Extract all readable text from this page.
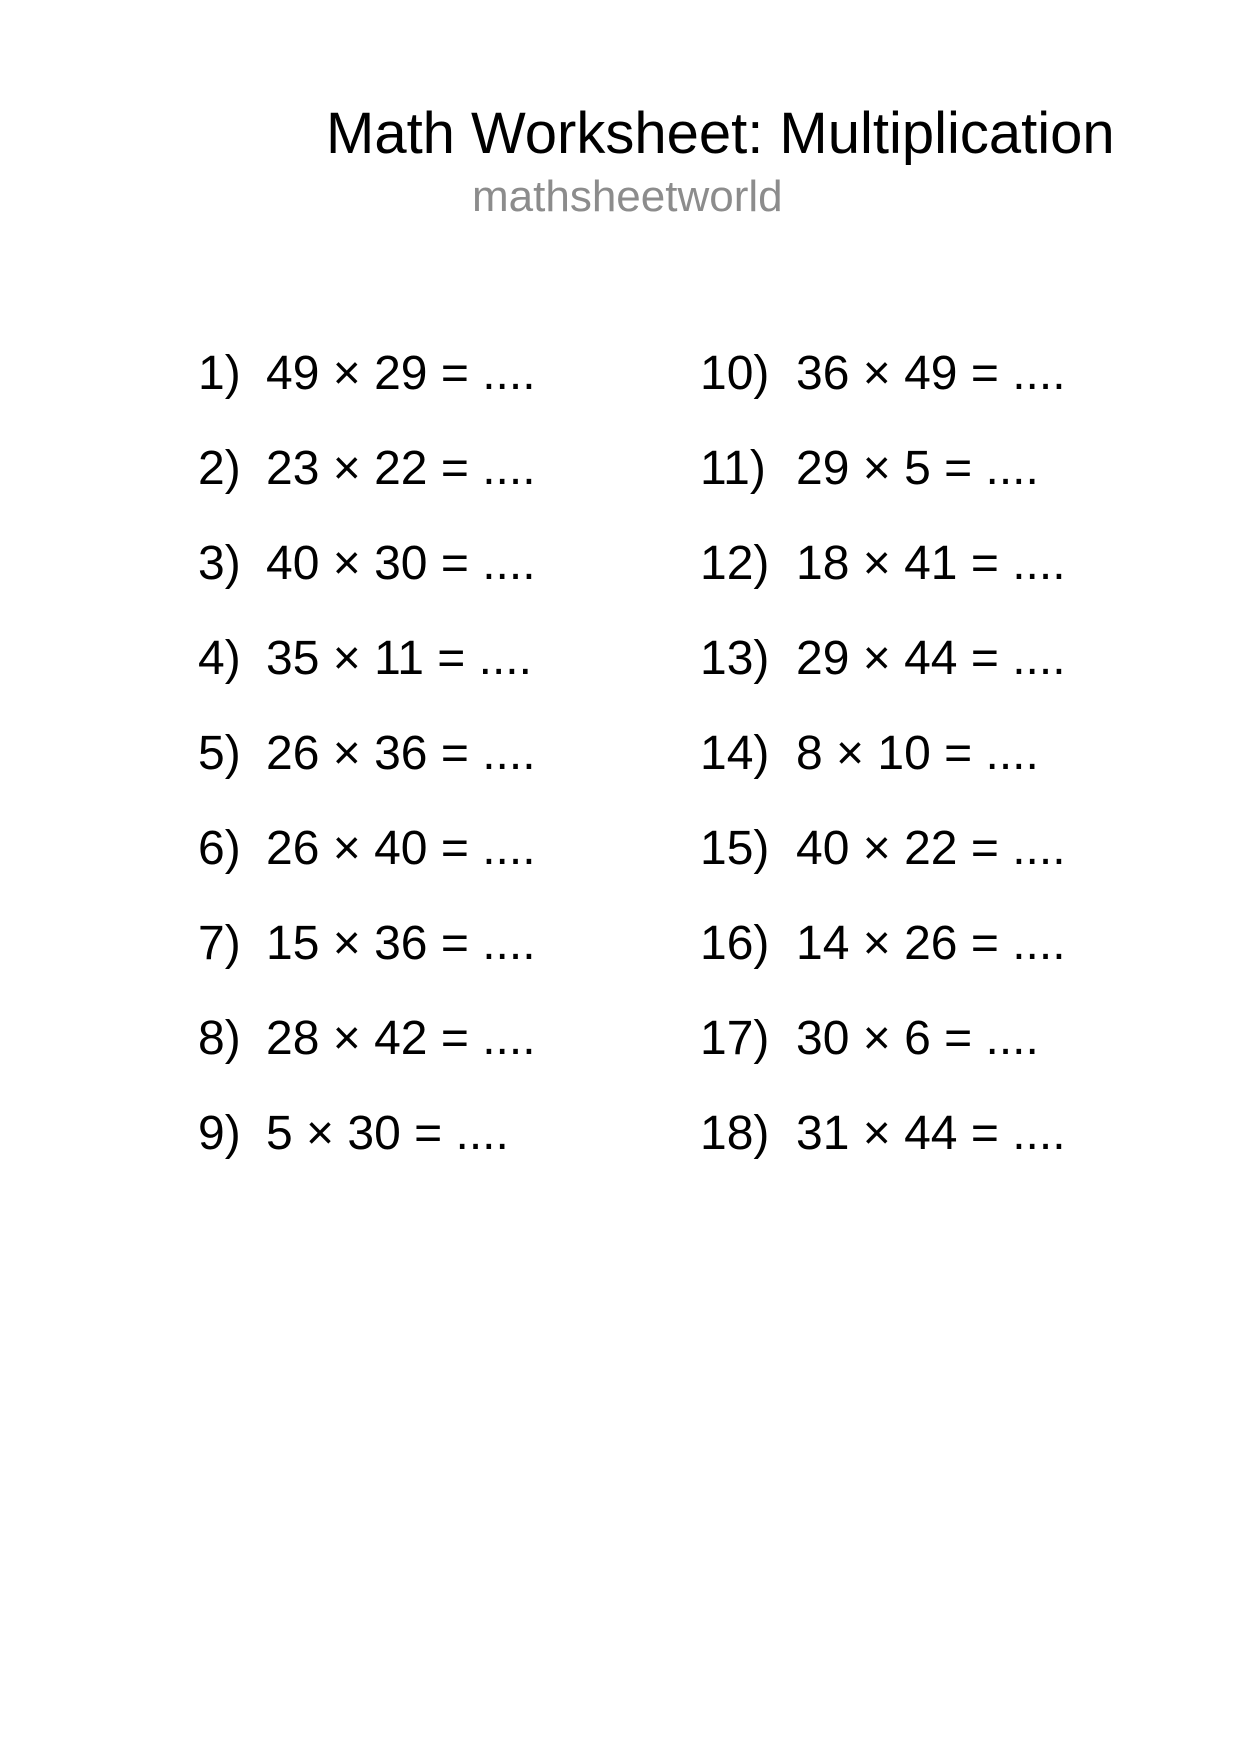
Math Worksheet: Multiplication
mathsheetworld
1) 49 × 29 = ....
2) 23 × 22 = ....
3) 40 × 30 = ....
4) 35 × 11 = ....
5) 26 × 36 = ....
6) 26 × 40 = ....
7) 15 × 36 = ....
8) 28 × 42 = ....
9) 5 × 30 = ....
10) 36 × 49 = ....
11) 29 × 5 = ....
12) 18 × 41 = ....
13) 29 × 44 = ....
14) 8 × 10 = ....
15) 40 × 22 = ....
16) 14 × 26 = ....
17) 30 × 6 = ....
18) 31 × 44 = ....
